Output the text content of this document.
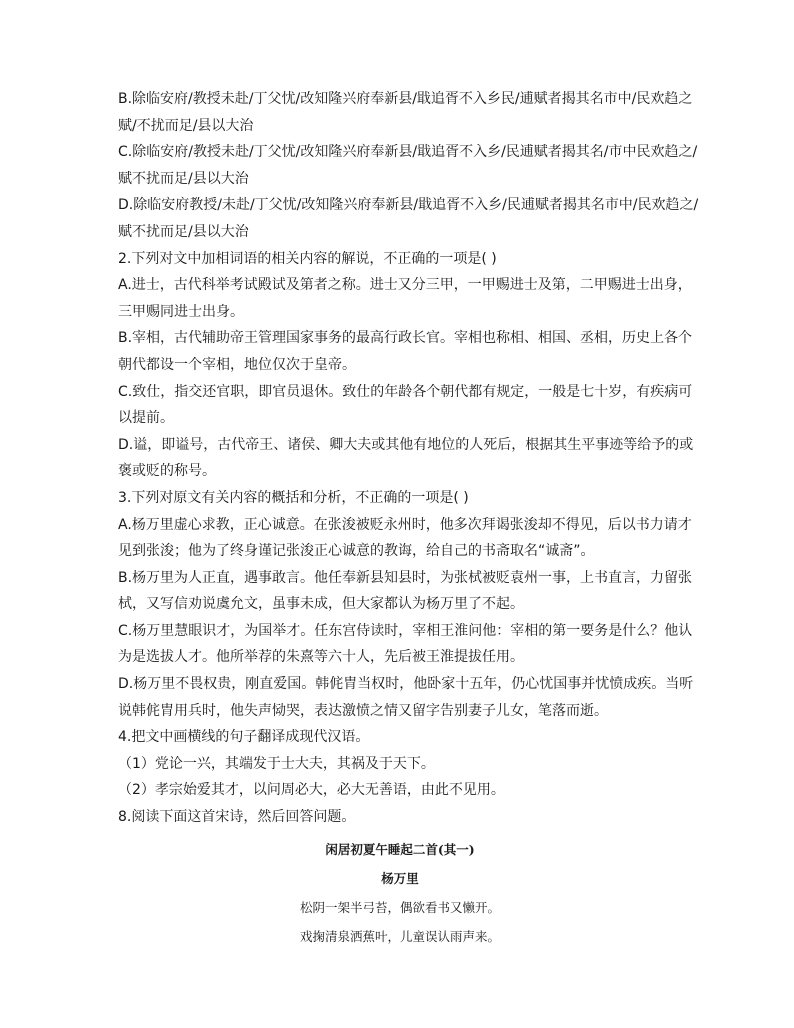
B.除临安府/教授未赴/丁父忧/改知隆兴府奉新县/戢追胥不入乡民/逋赋者揭其名市中/民欢趋之

赋/不扰而足/县以大治

C.除临安府/教授未赴/丁父忧/改知隆兴府奉新县/戢追胥不入乡/民逋赋者揭其名/市中民欢趋之/

赋不扰而足/县以大治

D.除临安府教授/未赴/丁父忧/改知隆兴府奉新县/戢追胥不入乡/民逋赋者揭其名市中/民欢趋之/

赋不扰而足/县以大治

2.下列对文中加相词语的相关内容的解说，不正确的一项是( )

A.进士，古代科举考试殿试及第者之称。进士又分三甲，一甲赐进士及第，二甲赐进士出身，

三甲赐同进士出身。

B.宰相，古代辅助帝王管理国家事务的最高行政长官。宰相也称相、相国、丞相，历史上各个

朝代都设一个宰相，地位仅次于皇帝。

C.致仕，指交还官职，即官员退休。致仕的年龄各个朝代都有规定，一般是七十岁，有疾病可

以提前。

D.谥，即谥号，古代帝王、诸侯、卿大夫或其他有地位的人死后，根据其生平事迹等给予的或

褒或贬的称号。

3.下列对原文有关内容的概括和分析，不正确的一项是( )

A.杨万里虚心求教，正心诚意。在张浚被贬永州时，他多次拜谒张浚却不得见，后以书力请才

见到张浚；他为了终身谨记张浚正心诚意的教诲，给自己的书斋取名“诚斋”。

B.杨万里为人正直，遇事敢言。他任奉新县知县时，为张栻被贬袁州一事，上书直言，力留张

栻，又写信劝说虞允文，虽事未成，但大家都认为杨万里了不起。

C.杨万里慧眼识才，为国举才。任东宫侍读时，宰相王淮问他：宰相的第一要务是什么？他认

为是选拔人才。他所举荐的朱熹等六十人，先后被王淮提拔任用。

D.杨万里不畏权贵，刚直爱国。韩侂胄当权时，他卧家十五年，仍心忧国事并忧愤成疾。当听

说韩侂胄用兵时，他失声恸哭，表达激愤之情又留字告别妻子儿女，笔落而逝。

4.把文中画横线的句子翻译成现代汉语。

（1）党论一兴，其端发于士大夫，其祸及于天下。

（2）孝宗始爱其才，以问周必大，必大无善语，由此不见用。

8.阅读下面这首宋诗，然后回答问题。

闲居初夏午睡起二首(其一)

杨万里

松阴一架半弓苔，偶欲看书又懒开。

戏掬清泉洒蕉叶，儿童误认雨声来。
